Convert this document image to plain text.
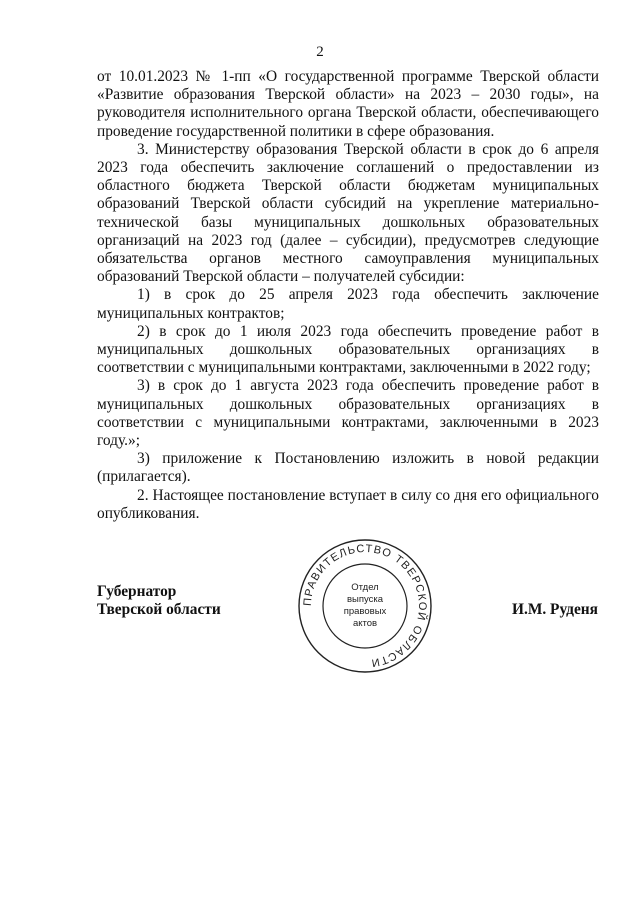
2

от 10.01.2023 № 1-пп «О государственной программе Тверской области «Развитие образования Тверской области» на 2023 – 2030 годы», на руководителя исполнительного органа Тверской области, обеспечивающего проведение государственной политики в сфере образования.

3. Министерству образования Тверской области в срок до 6 апреля 2023 года обеспечить заключение соглашений о предоставлении из областного бюджета Тверской области бюджетам муниципальных образований Тверской области субсидий на укрепление материально-технической базы муниципальных дошкольных образовательных организаций на 2023 год (далее – субсидии), предусмотрев следующие обязательства органов местного самоуправления муниципальных образований Тверской области – получателей субсидии:

1) в срок до 25 апреля 2023 года обеспечить заключение муниципальных контрактов;

2) в срок до 1 июля 2023 года обеспечить проведение работ в муниципальных дошкольных образовательных организациях в соответствии с муниципальными контрактами, заключенными в 2022 году;

3) в срок до 1 августа 2023 года обеспечить проведение работ в муниципальных дошкольных образовательных организациях в соответствии с муниципальными контрактами, заключенными в 2023 году.»;

3) приложение к Постановлению изложить в новой редакции (прилагается).

2. Настоящее постановление вступает в силу со дня его официального опубликования.

Губернатор
Тверской области
ПРАВИТЕЛЬСТВО ТВЕРСКОЙ ОБЛАСТИ
Отдел
выпуска
правовых
актов
И.М. Руденя
